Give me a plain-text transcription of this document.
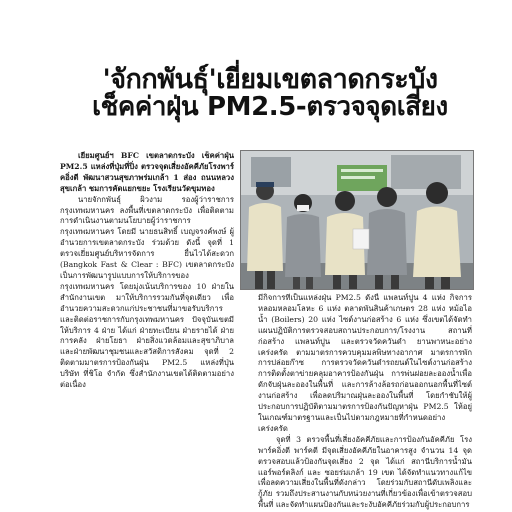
'จักกพันธุ์'เยี่ยมเขตลาดกระบัง
เช็คค่าฝุ่น PM2.5-ตรวจจุดเสี่ยง

เยี่ยมศูนย์ฯ BFC เขตลาดกระบัง เช็คค่าฝุ่น PM2.5 แหล่งที่ปุ่มที่ปิ่ง ตรวจจุดเสี่ยงอัคคีภัยโรงพาร์คอิ่งตี พัฒนาสวนสุขภาพร่มเกล้า 1 ส่อง ถนนหลวงสุขเกล้า ชมการคัดแยกขยะ โรงเรียนวัดขุมทอง

นายจักกพันธุ์ ผิวงาม รองผู้ว่าราชการกรุงเทพมหานคร ลงพื้นที่เขตลาดกระบัง เพื่อติดตามการดำเนินงานตามนโยบายผู้ว่าราชการกรุงเทพมหานคร โดยมี นายธนสิทธิ์ เบญจรงค์พงษ์ ผู้อำนวยการเขตลาดกระบัง ร่วมด้วย ดังนี้ จุดที่ 1 ตรวจเยี่ยมศูนย์บริหารจัดการ ยื่นไวได้สะดวก (Bangkok Fast & Clear : BFC) เขตลาดกระบัง เป็นการพัฒนารูปแบบการให้บริการของกรุงเทพมหานคร โดยมุ่งเน้นบริการของ 10 ฝ่ายในสำนักงานเขต มาให้บริการรวมกันที่จุดเดียว เพื่ออำนวยความสะดวกแก่ประชาชนที่มาขอรับบริการ และติดต่อราชการกับกรุงเทพมหานคร ปัจจุบันเขตมีให้บริการ 4 ฝ่าย ได้แก่ ฝ่ายทะเบียน ฝ่ายรายได้ ฝ่ายการคลัง ฝ่ายโยธา ฝ่ายสิ่งแวดล้อมและสุขาภิบาล และฝ่ายพัฒนาชุมชนและสวัสดิการสังคม จุดที่ 2 ติดตามมาตรการป้องกันฝุ่น PM2.5 แหล่งที่ปุ่น บริษัท ที่ชิโอ จำกัด ซึ่งสำนักงานเขตได้ติดตามอย่างต่อเนื่อง

มีกิจการที่เป็นแหล่งฝุ่น PM2.5 ดังนี้ แพลนท์ปูน 4 แห่ง กิจการหลอมหลอมโลหะ 6 แห่ง ตลาดพันสินค้าเกษตร 28 แห่ง หม้อไอน้ำ (Boilers) 20 แห่ง ไซต์งานก่อสร้าง 6 แห่ง ซึ่งเขตได้จัดทำแผนปฏิบัติการตรวจสอบสถานประกอบการ/โรงงาน สถานที่ก่อสร้าง แพลนท์ปูน และตรวจวัดควันดำ ยานพาหนะอย่างเคร่งครัด ตามมาตรการควบคุมมลพิษทางอากาศ มาตรการพักการปล่อยก๊าซ การตรวจวัดควันดำรถยนต์ในไซต์งานก่อสร้าง การติดตั้งตาข่ายคลุมอาคารป้องกันฝุ่น การพ่นฝอยละอองน้ำเพื่อดักจับฝุ่นละอองในพื้นที่ และการล้างล้อรถก่อนออกนอกพื้นที่ไซต์งานก่อสร้าง เพื่อลดปริมาณฝุ่นละอองในพื้นที่ โดยกำชับให้ผู้ประกอบการปฏิบัติตามมาตรการป้องกันปัญหาฝุ่น PM2.5 ให้อยู่ในเกณฑ์มาตรฐานและเป็นไปตามกฎหมายที่กำหนดอย่างเคร่งครัด

จุดที่ 3 ตรวจพื้นที่เสี่ยงอัคคีภัยและการป้องกันอัคคีภัย โรงพาร์คอิ่งตี พาร์คตี มีจุดเสี่ยงอัคคีภัยในอาคารสูง จำนวน 14 จุด ตรวจสอบแล้วป้องกันจุดเสี่ยง 2 จุด ได้แก่ สถานีบริการน้ำมัน แอร์พอร์ตลิงก์ และ ซอยร่มเกล้า 19 เขต ได้จัดทำแนวทางแก้ไขเพื่อลดความเสี่ยงในพื้นที่ดังกล่าว โดยร่วมกับสถานีดับเพลิงและกู้ภัย รวมถึงประสานงานกับหน่วยงานที่เกี่ยวข้องเพื่อเข้าตรวจสอบพื้นที่ และจัดทำแผนป้องกันและระงับอัคคีภัยร่วมกับผู้ประกอบการ
